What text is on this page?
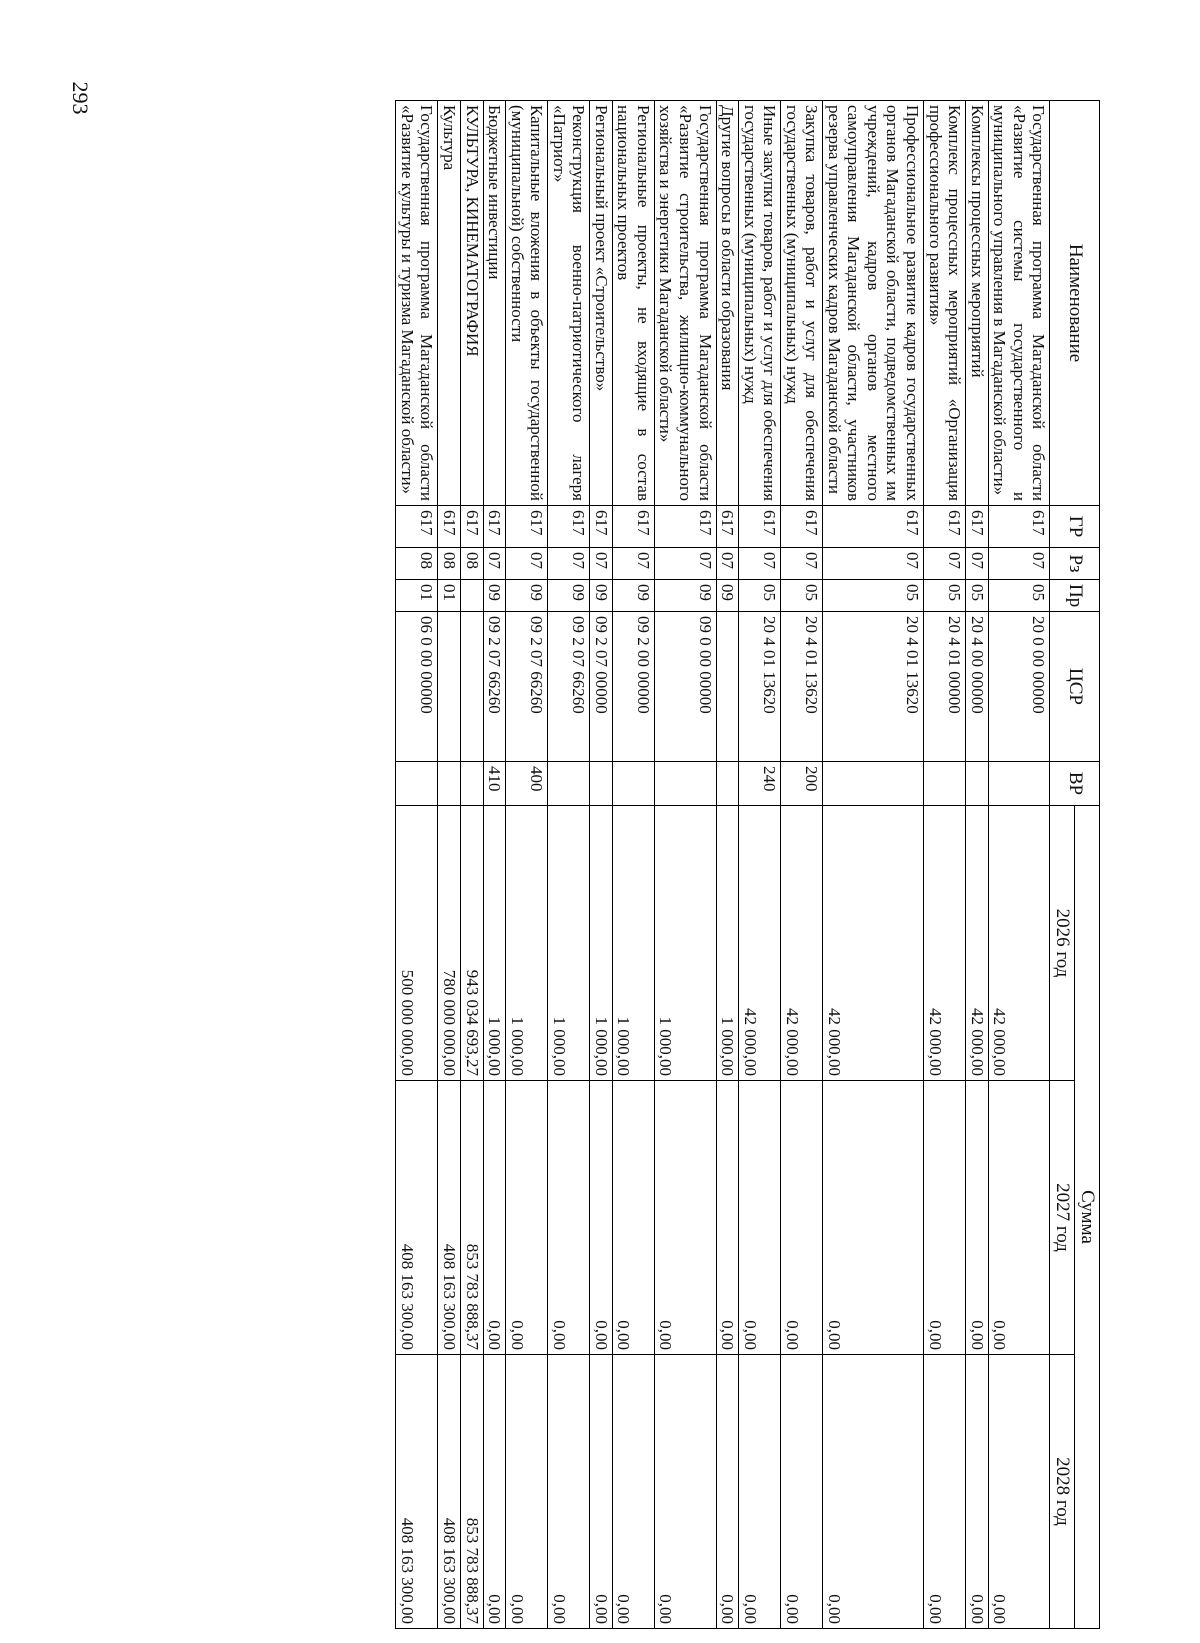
293
Наименование	ГР	Рз	Пр	ЦСР	ВР	Сумма		
						2026 год	2027 год	2028 год
Государственная программа Магаданской области «Развитие системы государственного и муниципального управления в Магаданской области»	617	07	05	20 0 00 00000		42 000,00	0,00	0,00
Комплексы процессных мероприятий	617	07	05	20 4 00 00000		42 000,00	0,00	0,00
Комплекс процессных мероприятий «Организация профессионального развития»	617	07	05	20 4 01 00000		42 000,00	0,00	0,00
Профессиональное развитие кадров государственных органов Магаданской области, подведомственных им учреждений, кадров органов местного самоуправления Магаданской области, участников резерва управленческих кадров Магаданской области	617	07	05	20 4 01 13620		42 000,00	0,00	0,00
Закупка товаров, работ и услуг для обеспечения государственных (муниципальных) нужд	617	07	05	20 4 01 13620	200	42 000,00	0,00	0,00
Иные закупки товаров, работ и услуг для обеспечения государственных (муниципальных) нужд	617	07	05	20 4 01 13620	240	42 000,00	0,00	0,00
Другие вопросы в области образования	617	07	09			1 000,00	0,00	0,00
Государственная программа Магаданской области «Развитие строительства, жилищно-коммунального хозяйства и энергетики Магаданской области»	617	07	09	09 0 00 00000		1 000,00	0,00	0,00
Региональные проекты, не входящие в состав национальных проектов	617	07	09	09 2 00 00000		1 000,00	0,00	0,00
Региональный проект «Строительство»	617	07	09	09 2 07 00000		1 000,00	0,00	0,00
Реконструкция военно-патриотического лагеря «Патриот»	617	07	09	09 2 07 66260		1 000,00	0,00	0,00
Капитальные вложения в объекты государственной (муниципальной) собственности	617	07	09	09 2 07 66260	400	1 000,00	0,00	0,00
Бюджетные инвестиции	617	07	09	09 2 07 66260	410	1 000,00	0,00	0,00
КУЛЬТУРА, КИНЕМАТОГРАФИЯ	617	08				943 034 693,27	853 783 888,37	853 783 888,37
Культура	617	08	01			780 000 000,00	408 163 300,00	408 163 300,00
Государственная программа Магаданской области «Развитие культуры и туризма Магаданской области»	617	08	01	06 0 00 00000		500 000 000,00	408 163 300,00	408 163 300,00
